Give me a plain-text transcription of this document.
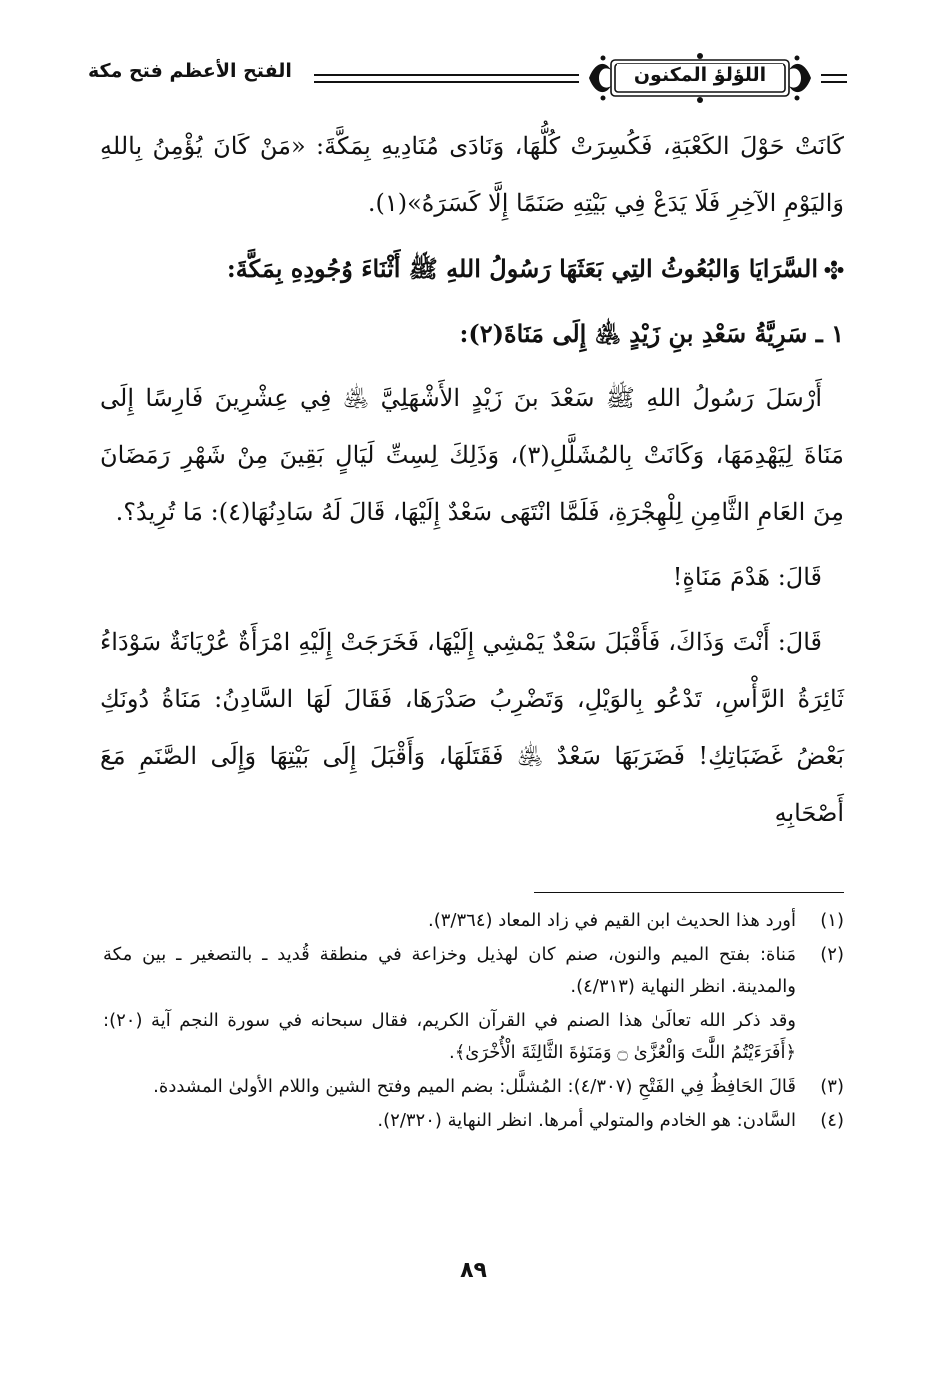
اللؤلؤ المكنون
الفتح الأعظم فتح مكة

كَانَتْ حَوْلَ الكَعْبَةِ، فَكُسِرَتْ كُلُّهَا، وَنَادَى مُنَادِيهِ بِمَكَّةَ: «مَنْ كَانَ يُؤْمِنُ بِاللهِ وَاليَوْمِ الآخِرِ فَلَا يَدَعْ فِي بَيْتِهِ صَنَمًا إِلَّا كَسَرَهُ»(١).

السَّرَايَا وَالبُعُوثُ التِي بَعَثَهَا رَسُولُ اللهِ ﷺ أَثْنَاءَ وُجُودِهِ بِمَكَّةَ:

١ ـ سَرِيَّةُ سَعْدِ بنِ زَيْدٍ ﵁ إِلَى مَنَاةَ(٢):

أَرْسَلَ رَسُولُ اللهِ ﷺ سَعْدَ بنَ زَيْدٍ الأَشْهَلِيَّ ﵁ فِي عِشْرِينَ فَارِسًا إِلَى مَنَاةَ لِيَهْدِمَهَا، وَكَانَتْ بِالمُشَلَّلِ(٣)، وَذَلِكَ لِسِتِّ لَيَالٍ بَقِينَ مِنْ شَهْرِ رَمَضَانَ مِنَ العَامِ الثَّامِنِ لِلْهِجْرَةِ، فَلَمَّا انْتَهَى سَعْدٌ إِلَيْهَا، قَالَ لَهُ سَادِنُهَا(٤): مَا تُرِيدُ؟.

قَالَ: هَدْمَ مَنَاةٍ!

قَالَ: أَنْتَ وَذَاكَ، فَأَقْبَلَ سَعْدٌ يَمْشِي إِلَيْهَا، فَخَرَجَتْ إِلَيْهِ امْرَأَةٌ عُرْيَانَةٌ سَوْدَاءُ ثَائِرَةُ الرَّأْسِ، تَدْعُو بِالوَيْلِ، وَتَضْرِبُ صَدْرَهَا، فَقَالَ لَهَا السَّادِنُ: مَنَاةُ دُونَكِ بَعْضُ غَضَبَاتِكِ! فَضَرَبَهَا سَعْدٌ ﵁ فَقَتَلَهَا، وَأَقْبَلَ إِلَى بَيْتِهَا وَإِلَى الصَّنَمِ مَعَ أَصْحَابِهِ

(١)
أورد هذا الحديث ابن القيم في زاد المعاد (٣/٣٦٤).
(٢)
مَناة: بفتح الميم والنون، صنم كان لهذيل وخزاعة في منطقة قُديد ـ بالتصغير ـ بين مكة والمدينة. انظر النهاية (٤/٣١٣).
وقد ذكر الله تعالَىٰ هذا الصنم في القرآن الكريم، فقال سبحانه في سورة النجم آية (٢٠): ﴿أَفَرَءَيْتُمُ اللَّٰتَ وَالْعُزَّىٰ ۝ وَمَنَوٰةَ الثَّالِثَةَ الْأُخْرَىٰ﴾.
(٣)
قَالَ الحَافِظُ فِي الفَتْحِ (٤/٣٠٧): المُشلَّل: بضم الميم وفتح الشين واللام الأولىٰ المشددة.
(٤)
السَّادن: هو الخادم والمتولي أمرها. انظر النهاية (٢/٣٢٠).
٨٩
